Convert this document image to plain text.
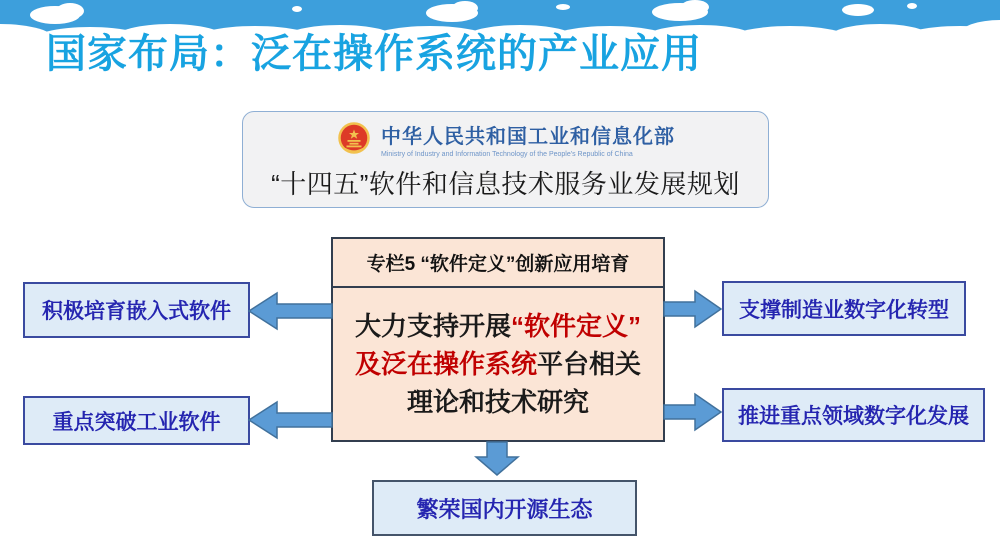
国家布局：泛在操作系统的产业应用
中华人民共和国工业和信息化部
Ministry of Industry and Information Technology of the People's Republic of China
“十四五”软件和信息技术服务业发展规划
专栏5 “软件定义”创新应用培育
大力支持开展“软件定义”
及泛在操作系统平台相关
理论和技术研究
积极培育嵌入式软件
重点突破工业软件
支撑制造业数字化转型
推进重点领域数字化发展
繁荣国内开源生态
